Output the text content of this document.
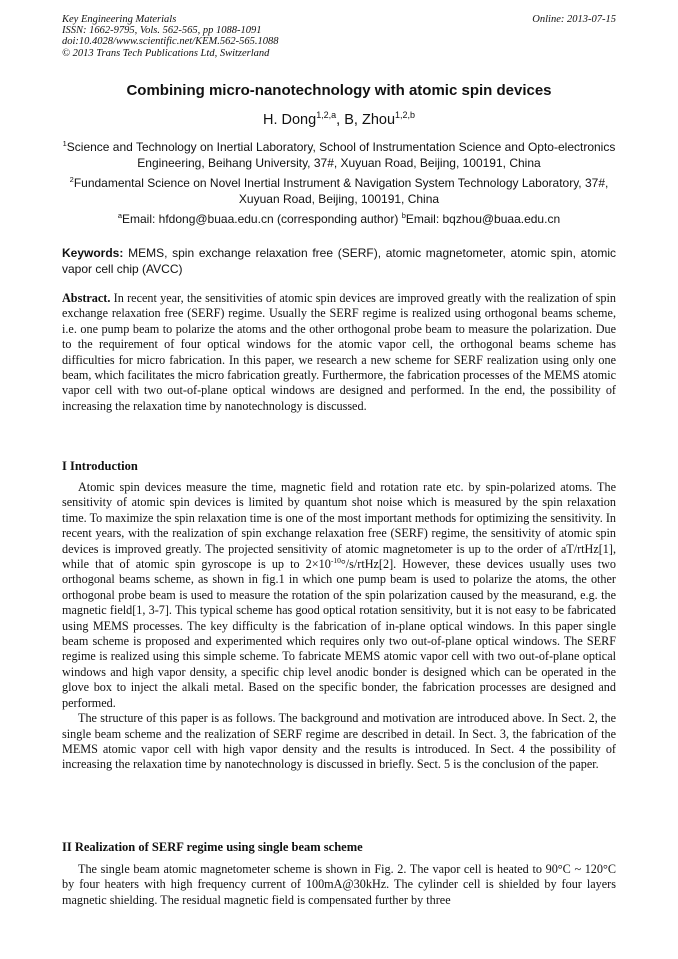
Key Engineering Materials
ISSN: 1662-9795, Vols. 562-565, pp 1088-1091
doi:10.4028/www.scientific.net/KEM.562-565.1088
© 2013 Trans Tech Publications Ltd, Switzerland
Online: 2013-07-15
Combining micro-nanotechnology with atomic spin devices
H. Dong$^{1,2,a}$, B, Zhou$^{1,2,b}$
$^1$Science and Technology on Inertial Laboratory, School of Instrumentation Science and Opto-electronics Engineering, Beihang University, 37#, Xuyuan Road, Beijing, 100191, China
$^2$Fundamental Science on Novel Inertial Instrument & Navigation System Technology Laboratory, 37#, Xuyuan Road, Beijing, 100191, China
$^a$Email: hfdong@buaa.edu.cn (corresponding author) $^b$Email: bqzhou@buaa.edu.cn
Keywords: MEMS, spin exchange relaxation free (SERF), atomic magnetometer, atomic spin, atomic vapor cell chip (AVCC)
Abstract. In recent year, the sensitivities of atomic spin devices are improved greatly with the realization of spin exchange relaxation free (SERF) regime. Usually the SERF regime is realized using orthogonal beams scheme, i.e. one pump beam to polarize the atoms and the other orthogonal probe beam to measure the polarization. Due to the requirement of four optical windows for the atomic vapor cell, the orthogonal beams scheme has difficulties for micro fabrication. In this paper, we research a new scheme for SERF realization using only one beam, which facilitates the micro fabrication greatly. Furthermore, the fabrication processes of the MEMS atomic vapor cell with two out-of-plane optical windows are designed and performed. In the end, the possibility of increasing the relaxation time by nanotechnology is discussed.
I Introduction

Atomic spin devices measure the time, magnetic field and rotation rate etc. by spin-polarized atoms. The sensitivity of atomic spin devices is limited by quantum shot noise which is measured by the spin relaxation time. To maximize the spin relaxation time is one of the most important methods for optimizing the sensitivity. In recent years, with the realization of spin exchange relaxation free (SERF) regime, the sensitivity of atomic spin devices is improved greatly. The projected sensitivity of atomic magnetometer is up to the order of aT/rtHz[1], while that of atomic spin gyroscope is up to $2\times 10^{-10}^\circ/s/rtHz[2]$. However, these devices usually uses two orthogonal beams scheme, as shown in fig.1 in which one pump beam is used to polarize the atoms, the other orthogonal probe beam is used to measure the rotation of the spin polarization caused by the measurand, e.g. the magnetic field[1, 3-7]. This typical scheme has good optical rotation sensitivity, but it is not easy to be fabricated using MEMS processes. The key difficulty is the fabrication of in-plane optical windows. In this paper single beam scheme is proposed and experimented which requires only two out-of-plane optical windows. The SERF regime is realized using this simple scheme. To fabricate MEMS atomic vapor cell with two out-of-plane optical windows and high vapor density, a specific chip level anodic bonder is designed which can be operated in the glove box to inject the alkali metal. Based on the specific bonder, the fabrication processes are designed and performed.

The structure of this paper is as follows. The background and motivation are introduced above. In Sect. 2, the single beam scheme and the realization of SERF regime are described in detail. In Sect. 3, the fabrication of the MEMS atomic vapor cell with high vapor density and the results is introduced. In Sect. 4 the possibility of increasing the relaxation time by nanotechnology is discussed in briefly. Sect. 5 is the conclusion of the paper.

II Realization of SERF regime using single beam scheme

The single beam atomic magnetometer scheme is shown in Fig. 2. The vapor cell is heated to 90°C ~ 120°C by four heaters with high frequency current of 100mA@30kHz. The cylinder cell is shielded by four layers magnetic shielding. The residual magnetic field is compensated further by three
